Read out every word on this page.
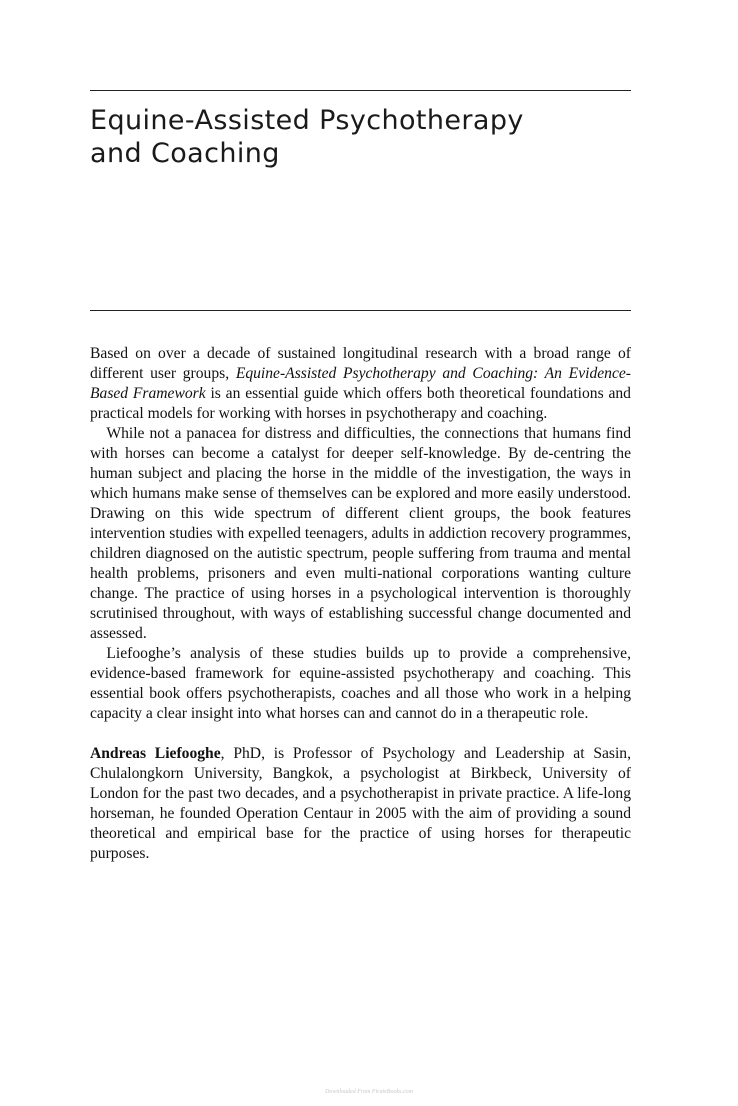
Equine-Assisted Psychotherapy
and Coaching

Based on over a decade of sustained longitudinal research with a broad range of different user groups, Equine-Assisted Psychotherapy and Coaching: An Evidence-Based Framework is an essential guide which offers both theoretical foundations and practical models for working with horses in psychotherapy and coaching.

While not a panacea for distress and difficulties, the connections that humans find with horses can become a catalyst for deeper self-knowledge. By de-centring the human subject and placing the horse in the middle of the investigation, the ways in which humans make sense of themselves can be explored and more easily understood. Drawing on this wide spectrum of different client groups, the book features intervention studies with expelled teenagers, adults in addiction recovery programmes, children diagnosed on the autistic spectrum, people suffering from trauma and mental health problems, prisoners and even multi-national corporations wanting culture change. The practice of using horses in a psychological intervention is thoroughly scrutinised throughout, with ways of establishing successful change documented and assessed.

Liefooghe’s analysis of these studies builds up to provide a comprehensive, evidence-based framework for equine-assisted psychotherapy and coaching. This essential book offers psychotherapists, coaches and all those who work in a helping capacity a clear insight into what horses can and cannot do in a therapeutic role.

Andreas Liefooghe, PhD, is Professor of Psychology and Leadership at Sasin, Chulalongkorn University, Bangkok, a psychologist at Birkbeck, University of London for the past two decades, and a psychotherapist in private practice. A life-long horseman, he founded Operation Centaur in 2005 with the aim of providing a sound theoretical and empirical base for the practice of using horses for therapeutic purposes.

Downloaded From PirateBooks.com
